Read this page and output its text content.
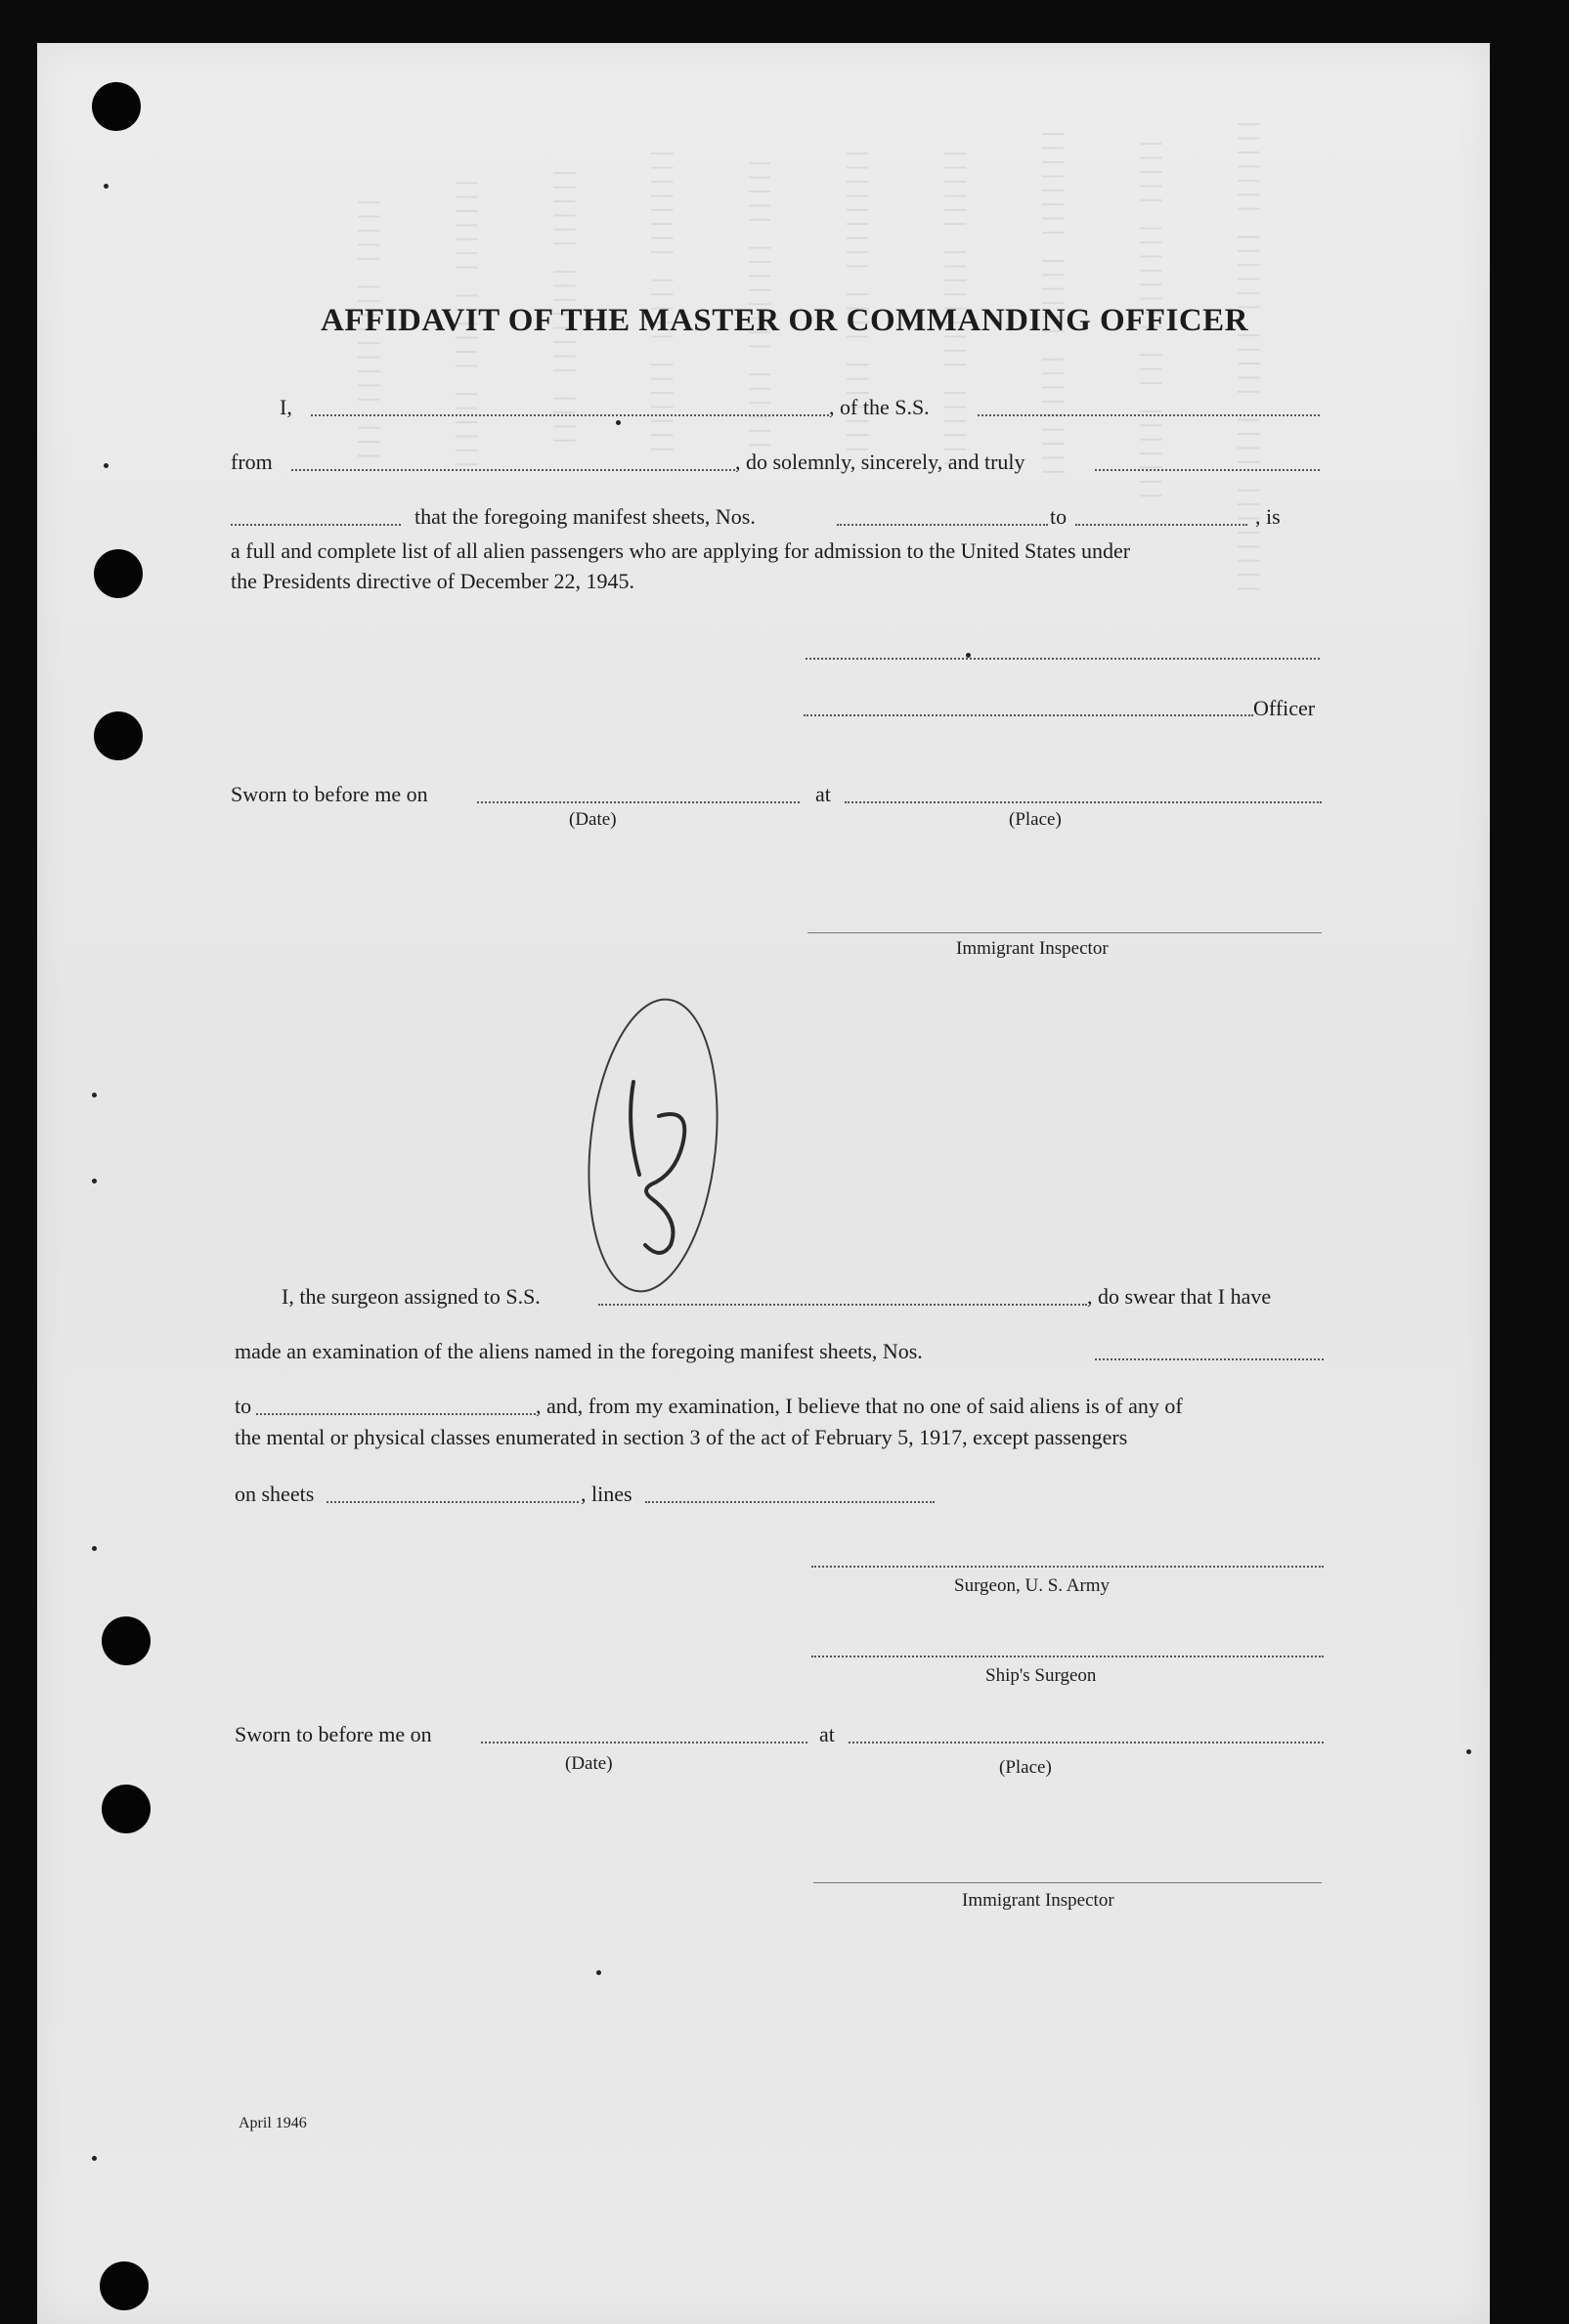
||||||| |||||| ||||| |||| ||||||||
||||| |||||||| ||| |||||||
|||||||| |||||| |||||||||
|||||| ||||||||| ||||||
||||||||| |||| |||||||
||||| |||||||| ||||||
|||||||| ||||| |||||||
|||||| |||||||| ||||
||||||| |||||| ||||||
||||| ||||||||| |||
AFFIDAVIT OF THE MASTER OR COMMANDING OFFICER
I,	, of the S.S.
from	, do solemnly, sincerely, and truly
that the foregoing manifest sheets, Nos.	to	, is
a full and complete list of all alien passengers who are applying for admission to the United States under
the Presidents directive of December 22, 1945.
Officer
Sworn to before me on	at
(Date)	(Place)
Immigrant Inspector
I, the surgeon assigned to S.S.	, do swear that I have
made an examination of the aliens named in the foregoing manifest sheets, Nos.
to	, and, from my examination, I believe that no one of said aliens is of any of
the mental or physical classes enumerated in section 3 of the act of February 5, 1917, except passengers
on sheets	, lines
Surgeon, U. S. Army
Ship's Surgeon
Sworn to before me on	at
(Date)	(Place)
Immigrant Inspector
April 1946
